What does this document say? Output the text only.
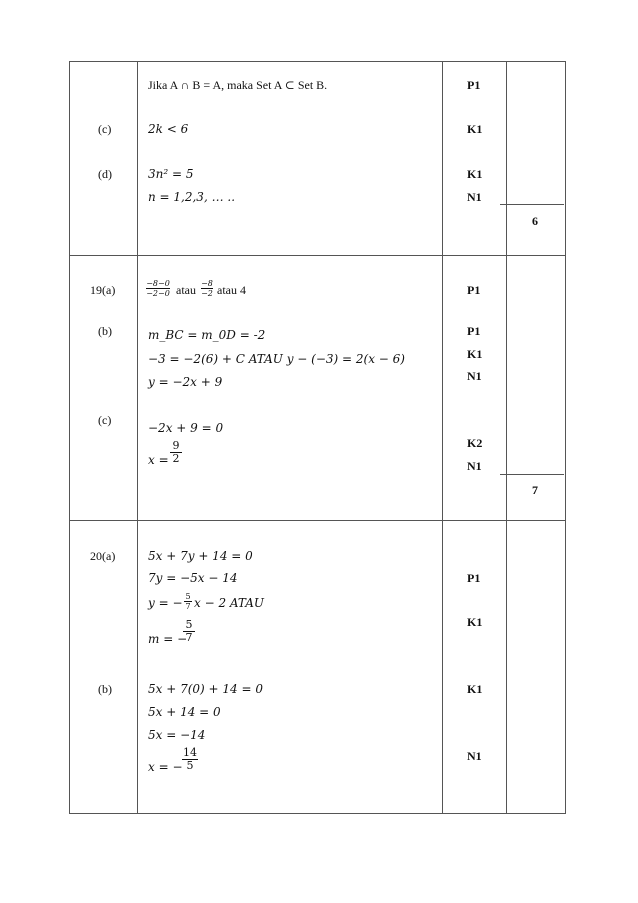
(c)
(d)
Jika A ∩ B = A, maka Set A ⊂ Set B.
2k < 6
3n² = 5
n = 1,2,3, … ..
P1
K1
K1
N1
6
19(a)
(b)
(c)
$\frac{-8-0}{-2-0}$ atau $\frac{-8}{-2}$ atau 4
m_BC = m_0D = -2
−3 = −2(6) + C ATAU y − (−3) = 2(x − 6)
y = −2x + 9
−2x + 9 = 0
$x = \frac{9}{2}$
P1
P1
K1
N1
K2
N1
7
20(a)
(b)
5x + 7y + 14 = 0
7y = −5x − 14
y = − $\frac{5}{7}$ x − 2 ATAU
m = −
$\frac{5}{7}$
5x + 7(0) + 14 = 0
5x + 14 = 0
5x = −14
x = − $\frac{14}{5}$
P1
K1
K1
N1
